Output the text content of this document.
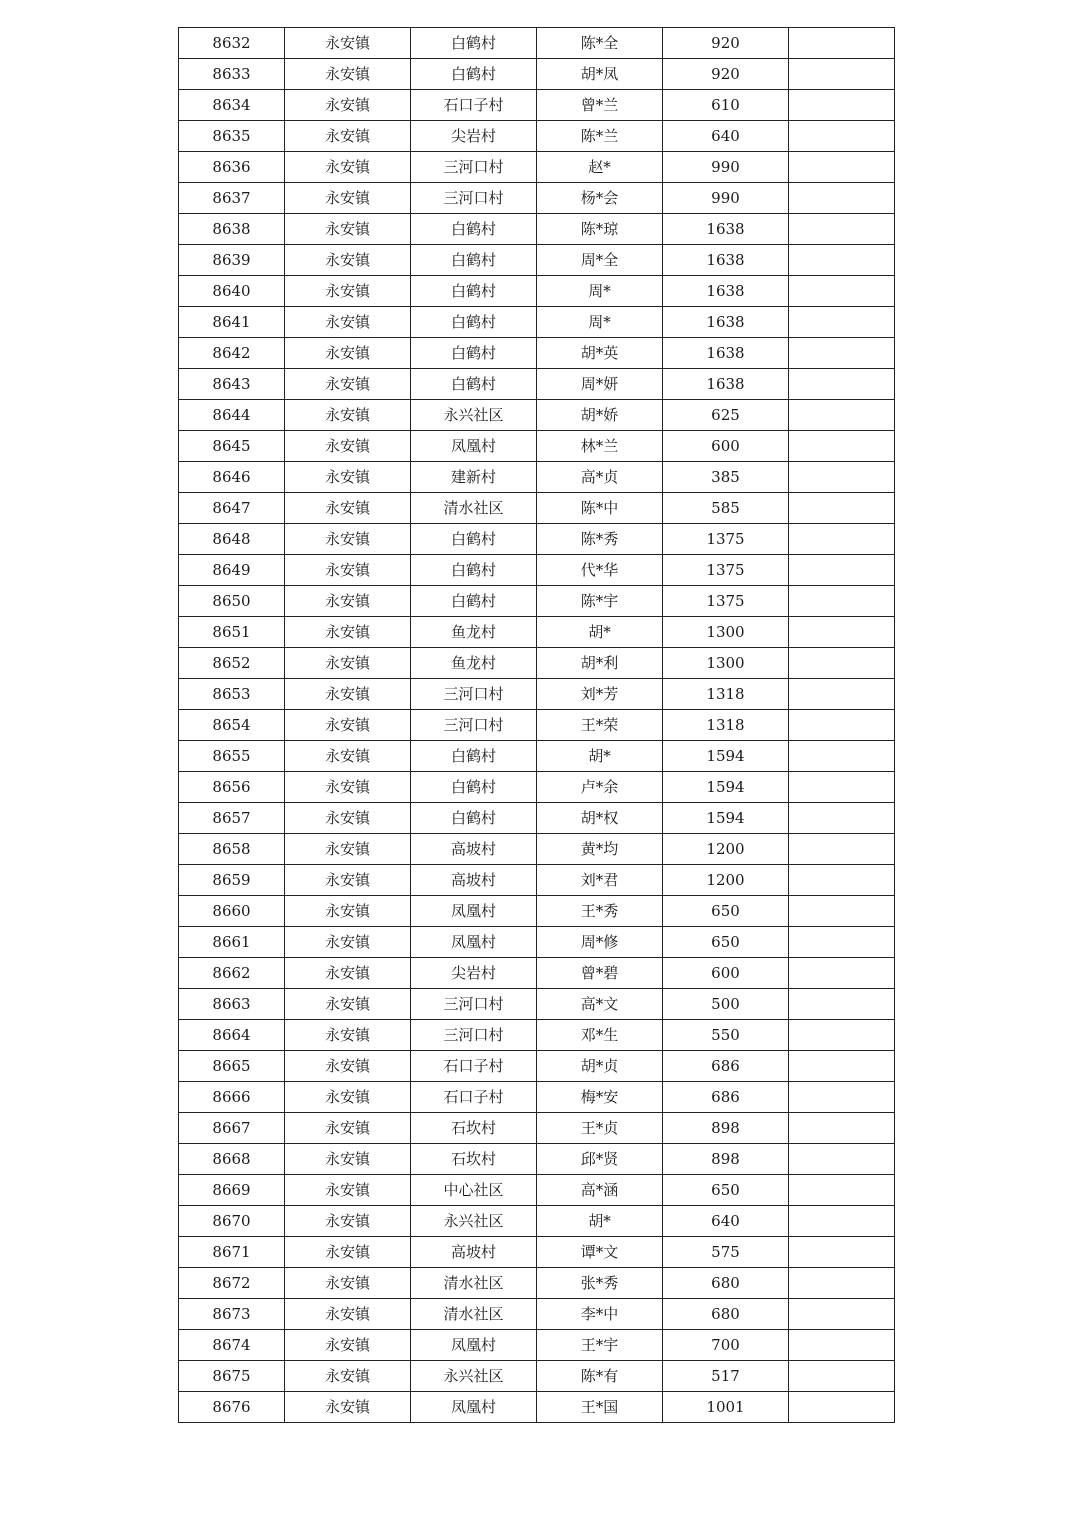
8632	永安镇	白鹤村	陈*全	920	
8633	永安镇	白鹤村	胡*凤	920	
8634	永安镇	石口子村	曾*兰	610	
8635	永安镇	尖岩村	陈*兰	640	
8636	永安镇	三河口村	赵*	990	
8637	永安镇	三河口村	杨*会	990	
8638	永安镇	白鹤村	陈*琼	1638	
8639	永安镇	白鹤村	周*全	1638	
8640	永安镇	白鹤村	周*	1638	
8641	永安镇	白鹤村	周*	1638	
8642	永安镇	白鹤村	胡*英	1638	
8643	永安镇	白鹤村	周*妍	1638	
8644	永安镇	永兴社区	胡*娇	625	
8645	永安镇	凤凰村	林*兰	600	
8646	永安镇	建新村	高*贞	385	
8647	永安镇	清水社区	陈*中	585	
8648	永安镇	白鹤村	陈*秀	1375	
8649	永安镇	白鹤村	代*华	1375	
8650	永安镇	白鹤村	陈*宇	1375	
8651	永安镇	鱼龙村	胡*	1300	
8652	永安镇	鱼龙村	胡*利	1300	
8653	永安镇	三河口村	刘*芳	1318	
8654	永安镇	三河口村	王*荣	1318	
8655	永安镇	白鹤村	胡*	1594	
8656	永安镇	白鹤村	卢*余	1594	
8657	永安镇	白鹤村	胡*权	1594	
8658	永安镇	高坡村	黄*均	1200	
8659	永安镇	高坡村	刘*君	1200	
8660	永安镇	凤凰村	王*秀	650	
8661	永安镇	凤凰村	周*修	650	
8662	永安镇	尖岩村	曾*碧	600	
8663	永安镇	三河口村	高*文	500	
8664	永安镇	三河口村	邓*生	550	
8665	永安镇	石口子村	胡*贞	686	
8666	永安镇	石口子村	梅*安	686	
8667	永安镇	石坎村	王*贞	898	
8668	永安镇	石坎村	邱*贤	898	
8669	永安镇	中心社区	高*涵	650	
8670	永安镇	永兴社区	胡*	640	
8671	永安镇	高坡村	谭*文	575	
8672	永安镇	清水社区	张*秀	680	
8673	永安镇	清水社区	李*中	680	
8674	永安镇	凤凰村	王*宇	700	
8675	永安镇	永兴社区	陈*有	517	
8676	永安镇	凤凰村	王*国	1001	
